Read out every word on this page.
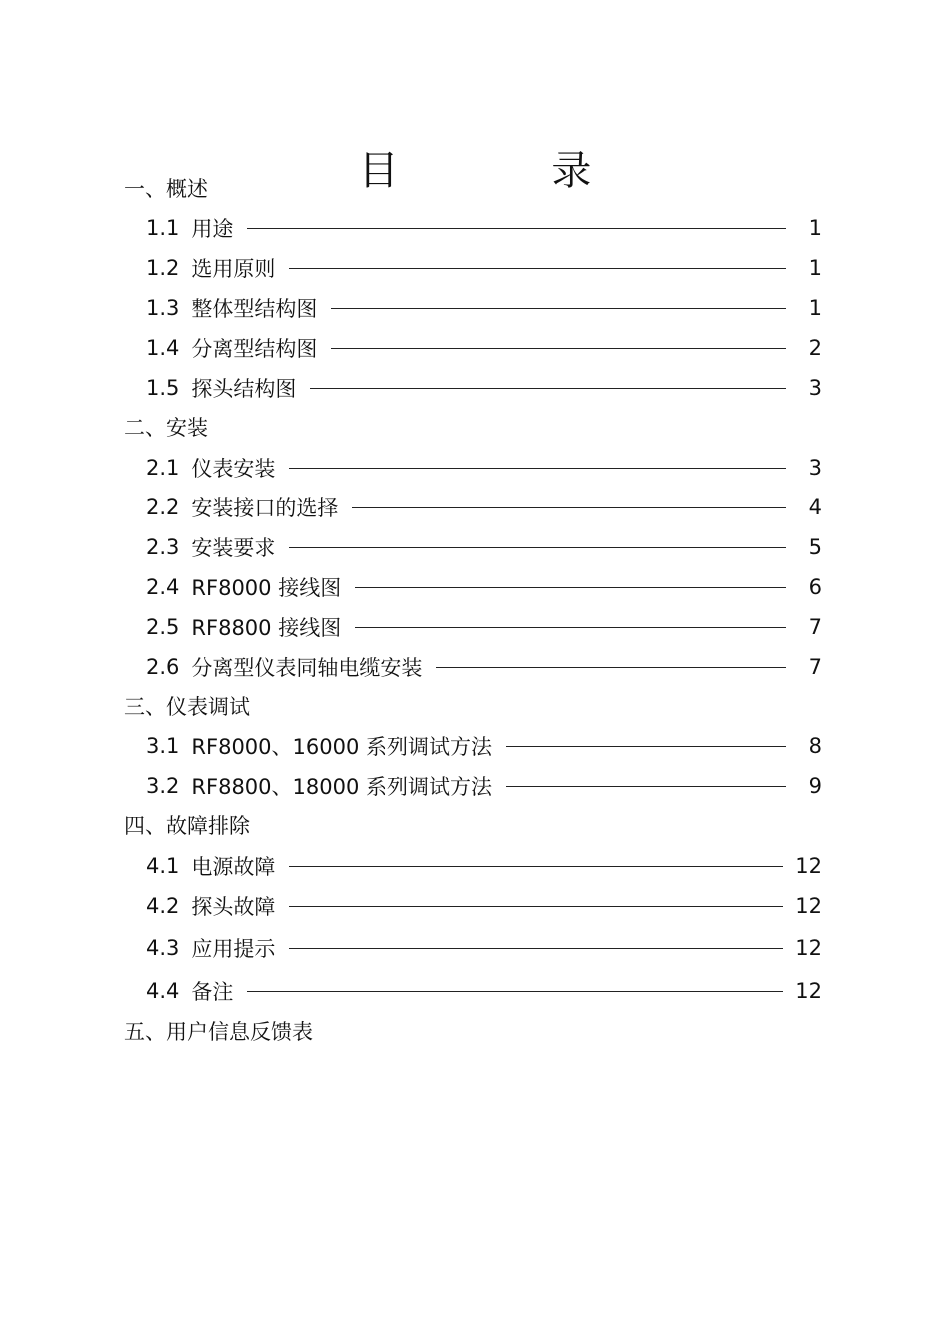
目 录
一、概述
1.1 用途	1
1.2 选用原则	1
1.3 整体型结构图	1
1.4 分离型结构图	2
1.5 探头结构图	3
二、安装
2.1 仪表安装	3
2.2 安装接口的选择	4
2.3 安装要求	5
2.4 RF8000 接线图	6
2.5 RF8800 接线图	7
2.6 分离型仪表同轴电缆安装	7
三、仪表调试
3.1 RF8000、16000 系列调试方法	8
3.2 RF8800、18000 系列调试方法	9
四、故障排除
4.1 电源故障	12
4.2 探头故障	12
4.3 应用提示	12
4.4 备注	12
五、用户信息反馈表
